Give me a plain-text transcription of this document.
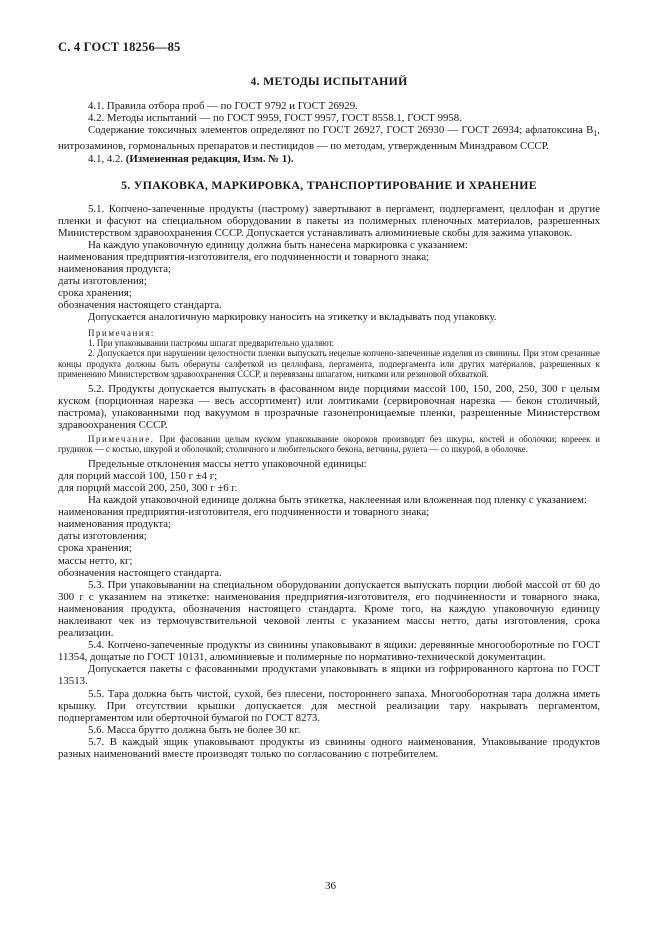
С. 4 ГОСТ 18256—85
4. МЕТОДЫ ИСПЫТАНИЙ

4.1. Правила отбора проб — по ГОСТ 9792 и ГОСТ 26929.

4.2. Методы испытаний — по ГОСТ 9959, ГОСТ 9957, ГОСТ 8558.1, ГОСТ 9958.

Содержание токсичных элементов определяют по ГОСТ 26927, ГОСТ 26930 — ГОСТ 26934; афлатоксина $B_1$, нитрозаминов, гормональных препаратов и пестицидов — по методам, утвержденным Минздравом СССР.

4.1, 4.2. (Измененная редакция, Изм. № 1).

5. УПАКОВКА, МАРКИРОВКА, ТРАНСПОРТИРОВАНИЕ И ХРАНЕНИЕ

5.1. Копчено-запеченные продукты (пастрому) завертывают в пергамент, подпергамент, целлофан и другие пленки и фасуют на специальном оборудовании в пакеты из полимерных пленочных материалов, разрешенных Министерством здравоохранения СССР. Допускается устанавливать алюминиевые скобы для зажима упаковок.

На каждую упаковочную единицу должна быть нанесена маркировка с указанием:

наименования предприятия-изготовителя, его подчиненности и товарного знака;

наименования продукта;

даты изготовления;

срока хранения;

обозначения настоящего стандарта.

Допускается аналогичную маркировку наносить на этикетку и вкладывать под упаковку.

Примечания:

1. При упаковывании пастромы шпагат предварительно удаляют.

2. Допускается при нарушении целостности пленки выпускать нецелые копчено-запеченные изделия из свинины. При этом срезанные концы продукта должны быть обернуты салфеткой из целлофана, пергамента, подпергамента или других материалов, разрешенных к применению Министерством здравоохранения СССР, и перевязаны шпагатом, нитками или резиновой обхваткой.

5.2. Продукты допускается выпускать в фасованном виде порциями массой 100, 150, 200, 250, 300 г целым куском (порционная нарезка — весь ассортимент) или ломтиками (сервировочная нарезка — бекон столичный, пастрома), упакованными под вакуумом в прозрачные газонепроницаемые пленки, разрешенные Министерством здравоохранения СССР.

Примечание. При фасовании целым куском упаковывание окороков производят без шкуры, костей и оболочки; корееек и грудинок — с костью, шкурой и оболочкой; столичного и любительского бекона, ветчины, рулета — со шкурой, в оболочке.

Предельные отклонения массы нетто упаковочной единицы:

для порций массой 100, 150 г ±4 г;

для порций массой 200, 250, 300 г ±6 г.

На каждой упаковочной единице должна быть этикетка, наклеенная или вложенная под пленку с указанием:

наименования предприятия-изготовителя, его подчиненности и товарного знака;

наименования продукта;

даты изготовления;

срока хранения;

массы нетто, кг;

обозначения настоящего стандарта.

5.3. При упаковывании на специальном оборудовании допускается выпускать порции любой массой от 60 до 300 г с указанием на этикетке: наименования предприятия-изготовителя, его подчиненности и товарного знака, наименования продукта, обозначения настоящего стандарта. Кроме того, на каждую упаковочную единицу наклеивают чек из термочувствительной чековой ленты с указанием массы нетто, даты изготовления, срока реализации.

5.4. Копчено-запеченные продукты из свинины упаковывают в ящики: деревянные многооборотные по ГОСТ 11354, дощатые по ГОСТ 10131, алюминиевые и полимерные по нормативно-технической документации.

Допускается пакеты с фасованными продуктами упаковывать в ящики из гофрированного картона по ГОСТ 13513.

5.5. Тара должна быть чистой, сухой, без плесени, постороннего запаха. Многооборотная тара должна иметь крышку. При отсутствии крышки допускается для местной реализации тару накрывать пергаментом, подпергаментом или оберточной бумагой по ГОСТ 8273.

5.6. Масса брутто должна быть не более 30 кг.

5.7. В каждый ящик упаковывают продукты из свинины одного наименования. Упаковывание продуктов разных наименований вместе производят только по согласованию с потребителем.

36
